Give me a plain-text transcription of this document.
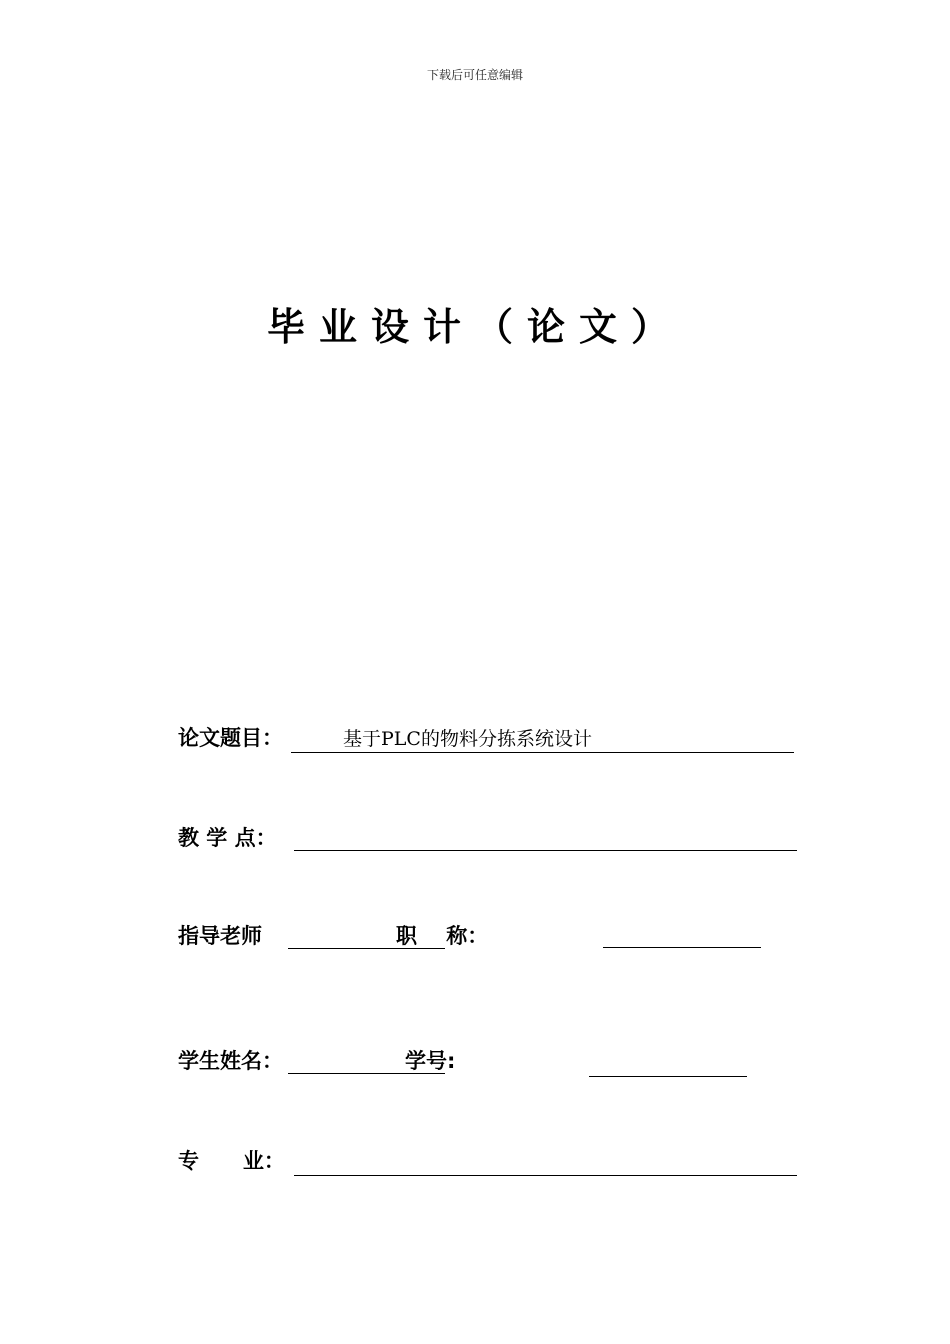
下载后可任意编辑
毕业设计（论文）
论文题目：	基于PLC的物料分拣系统设计
教 学 点：
指导老师	职    称：
学生姓名：	学号:
专      业：
